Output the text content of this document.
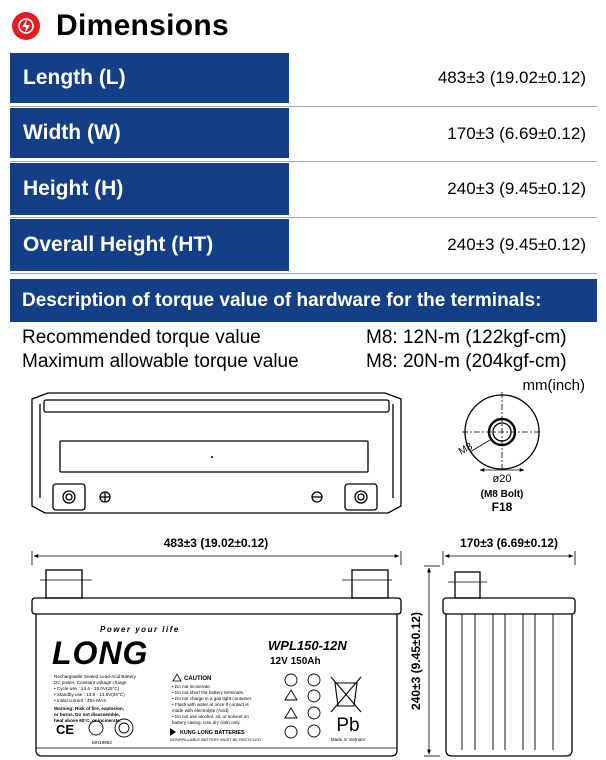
Dimensions
Length (L)	483±3 (19.02±0.12)
Width (W)	170±3 (6.69±0.12)
Height (H)	240±3 (9.45±0.12)
Overall Height (HT)	240±3 (9.45±0.12)
Description of torque value of hardware for the terminals:
Recommended torque value	M8: 12N-m (122kgf-cm)
Maximum allowable torque value	M8: 20N-m (204kgf-cm)
mm(inch)
M8
ø20
(M8 Bolt)
F18
483±3 (19.02±0.12)
Power your life
LONG	WPL150-12N
12V 150Ah
Rechargeable Sealed Lead-Acid Battery
DC power, Constant voltage charge
• Cycle use : 14.4 - 15.0V(25°C)
• Standby use : 13.5 - 13.8V(25°C)
• Initial current : 45A MAX
Warning: Risk of fire, explosion,
or burns. Do not disassemble,
heat above 60°C, or incinerate.
CAUTION
• Do not incinerate.
• Do not short the battery terminals.
• Do not charge in a gas tight container.
• Flush with water at once if contact is
made with electrolyte (Acid).
• Do not use alcohol, oil, or solvent on
battery casing. Use dry cloth only.	Pb
Made in Vietnam
CE
MH16962
KUNG LONG BATTERIES
NONSPILLABLE BATTERY MUST BE RECYCLED
170±3 (6.69±0.12)
240±3 (9.45±0.12)
